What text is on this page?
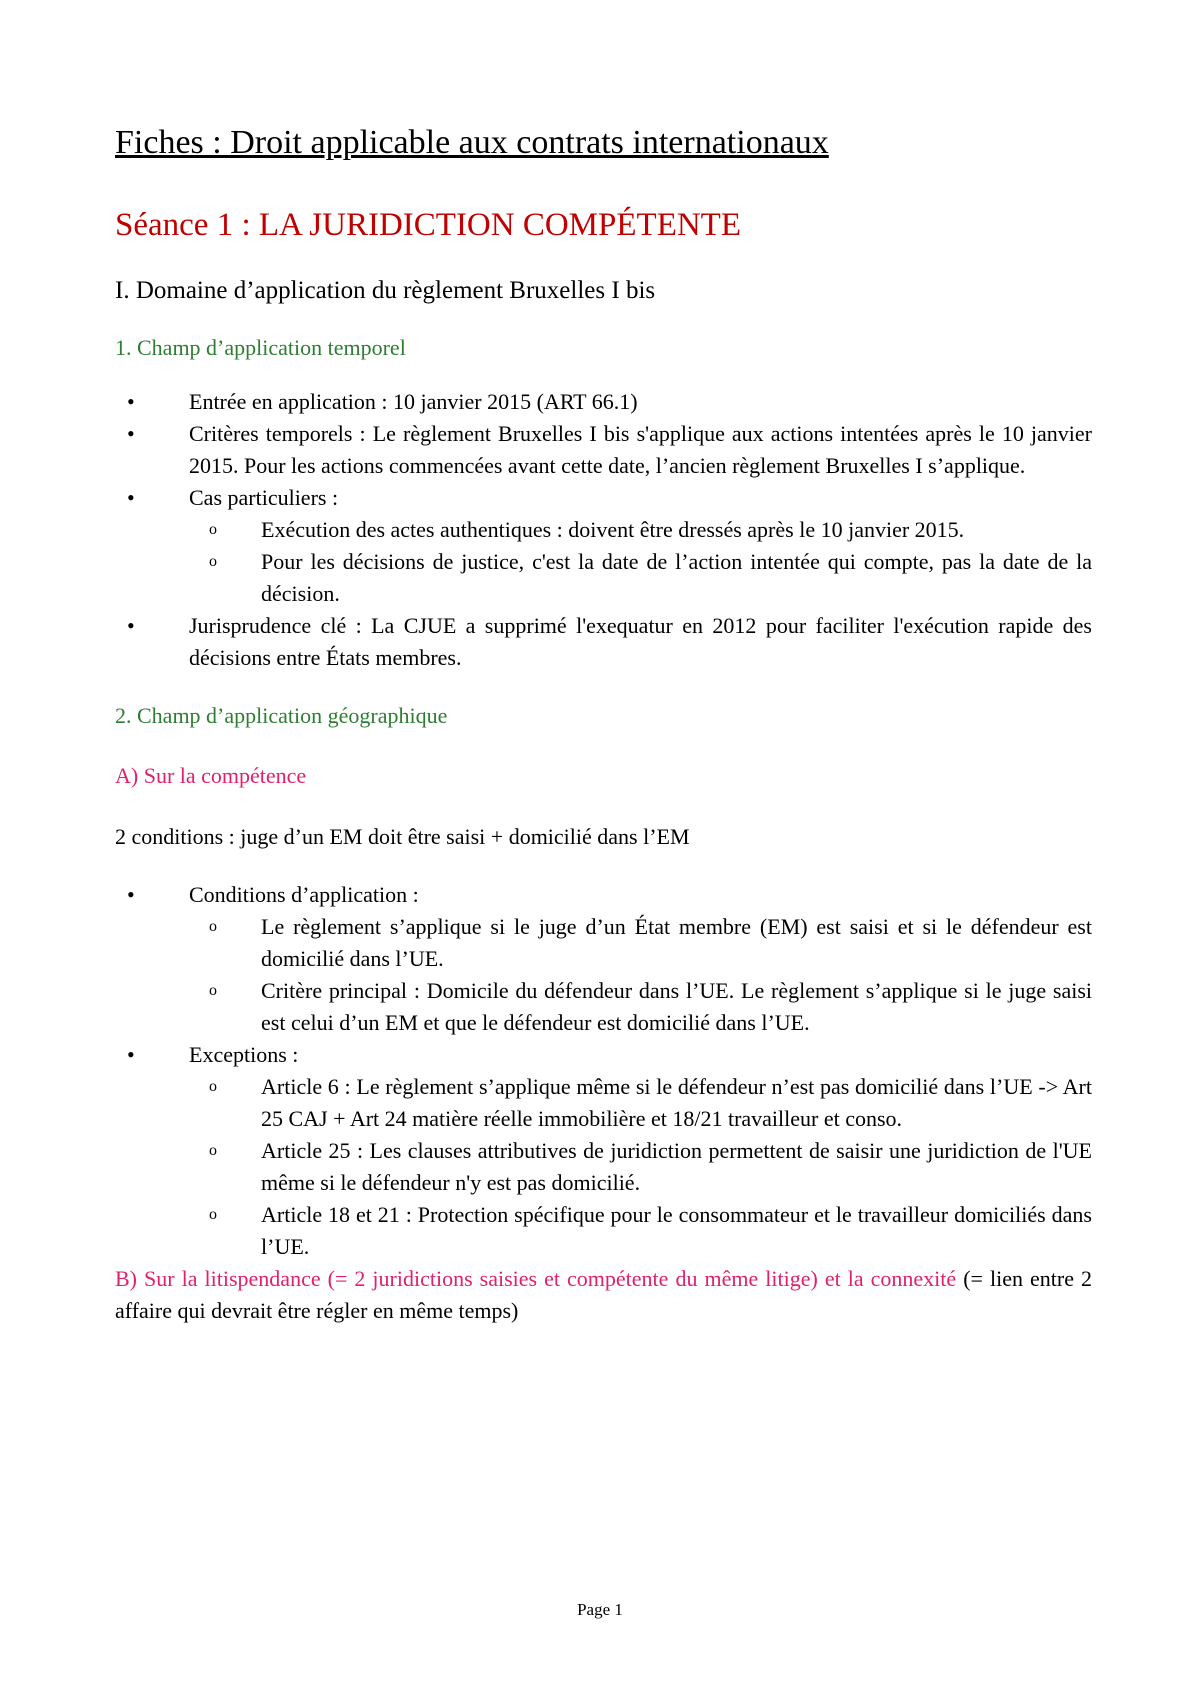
Fiches : Droit applicable aux contrats internationaux
Séance 1 : LA JURIDICTION COMPÉTENTE
I. Domaine d’application du règlement Bruxelles I bis
1. Champ d’application temporel
• Entrée en application : 10 janvier 2015 (ART 66.1)
• Critères temporels : Le règlement Bruxelles I bis s'applique aux actions intentées après le 10 janvier 2015. Pour les actions commencées avant cette date, l’ancien règlement Bruxelles I s’applique.
• Cas particuliers :
o Exécution des actes authentiques : doivent être dressés après le 10 janvier 2015.
o Pour les décisions de justice, c'est la date de l’action intentée qui compte, pas la date de la décision.
• Jurisprudence clé : La CJUE a supprimé l'exequatur en 2012 pour faciliter l'exécution rapide des décisions entre États membres.
2. Champ d’application géographique
A) Sur la compétence

2 conditions : juge d’un EM doit être saisi + domicilié dans l’EM

• Conditions d’application :
o Le règlement s’applique si le juge d’un État membre (EM) est saisi et si le défendeur est domicilié dans l’UE.
o Critère principal : Domicile du défendeur dans l’UE. Le règlement s’applique si le juge saisi est celui d’un EM et que le défendeur est domicilié dans l’UE.
• Exceptions :
o Article 6 : Le règlement s’applique même si le défendeur n’est pas domicilié dans l’UE -> Art 25 CAJ + Art 24 matière réelle immobilière et 18/21 travailleur et conso.
o Article 25 : Les clauses attributives de juridiction permettent de saisir une juridiction de l'UE même si le défendeur n'y est pas domicilié.
o Article 18 et 21 : Protection spécifique pour le consommateur et le travailleur domiciliés dans l’UE.

B) Sur la litispendance (= 2 juridictions saisies et compétente du même litige) et la connexité (= lien entre 2 affaire qui devrait être régler en même temps)

Page 1
